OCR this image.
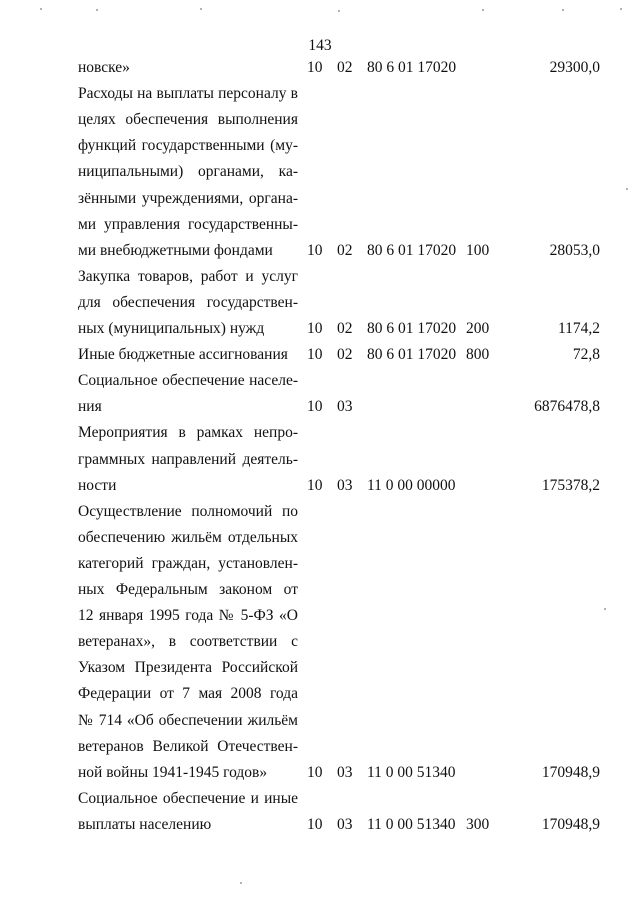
143
новске»	10 02 80 6 01 17020	29300,0
Расходы на выплаты персоналу в
целях обеспечения выполнения
функций государственными (му-
ниципальными) органами, ка-
зёнными учреждениями, органа-
ми управления государственны-
ми внебюджетными фондами	10 02 80 6 01 17020 100	28053,0
Закупка товаров, работ и услуг
для обеспечения государствен-
ных (муниципальных) нужд	10 02 80 6 01 17020 200	1174,2
Иные бюджетные ассигнования	10 02 80 6 01 17020 800	72,8
Социальное обеспечение населе-
ния	10 03	6876478,8
Мероприятия в рамках непро-
граммных направлений деятель-
ности	10 03 11 0 00 00000	175378,2
Осуществление полномочий по
обеспечению жильём отдельных
категорий граждан, установлен-
ных Федеральным законом от
12 января 1995 года № 5-ФЗ «О
ветеранах», в соответствии с
Указом Президента Российской
Федерации от 7 мая 2008 года
№ 714 «Об обеспечении жильём
ветеранов Великой Отечествен-
ной войны 1941-1945 годов»	10 03 11 0 00 51340	170948,9
Социальное обеспечение и иные
выплаты населению	10 03 11 0 00 51340 300	170948,9
